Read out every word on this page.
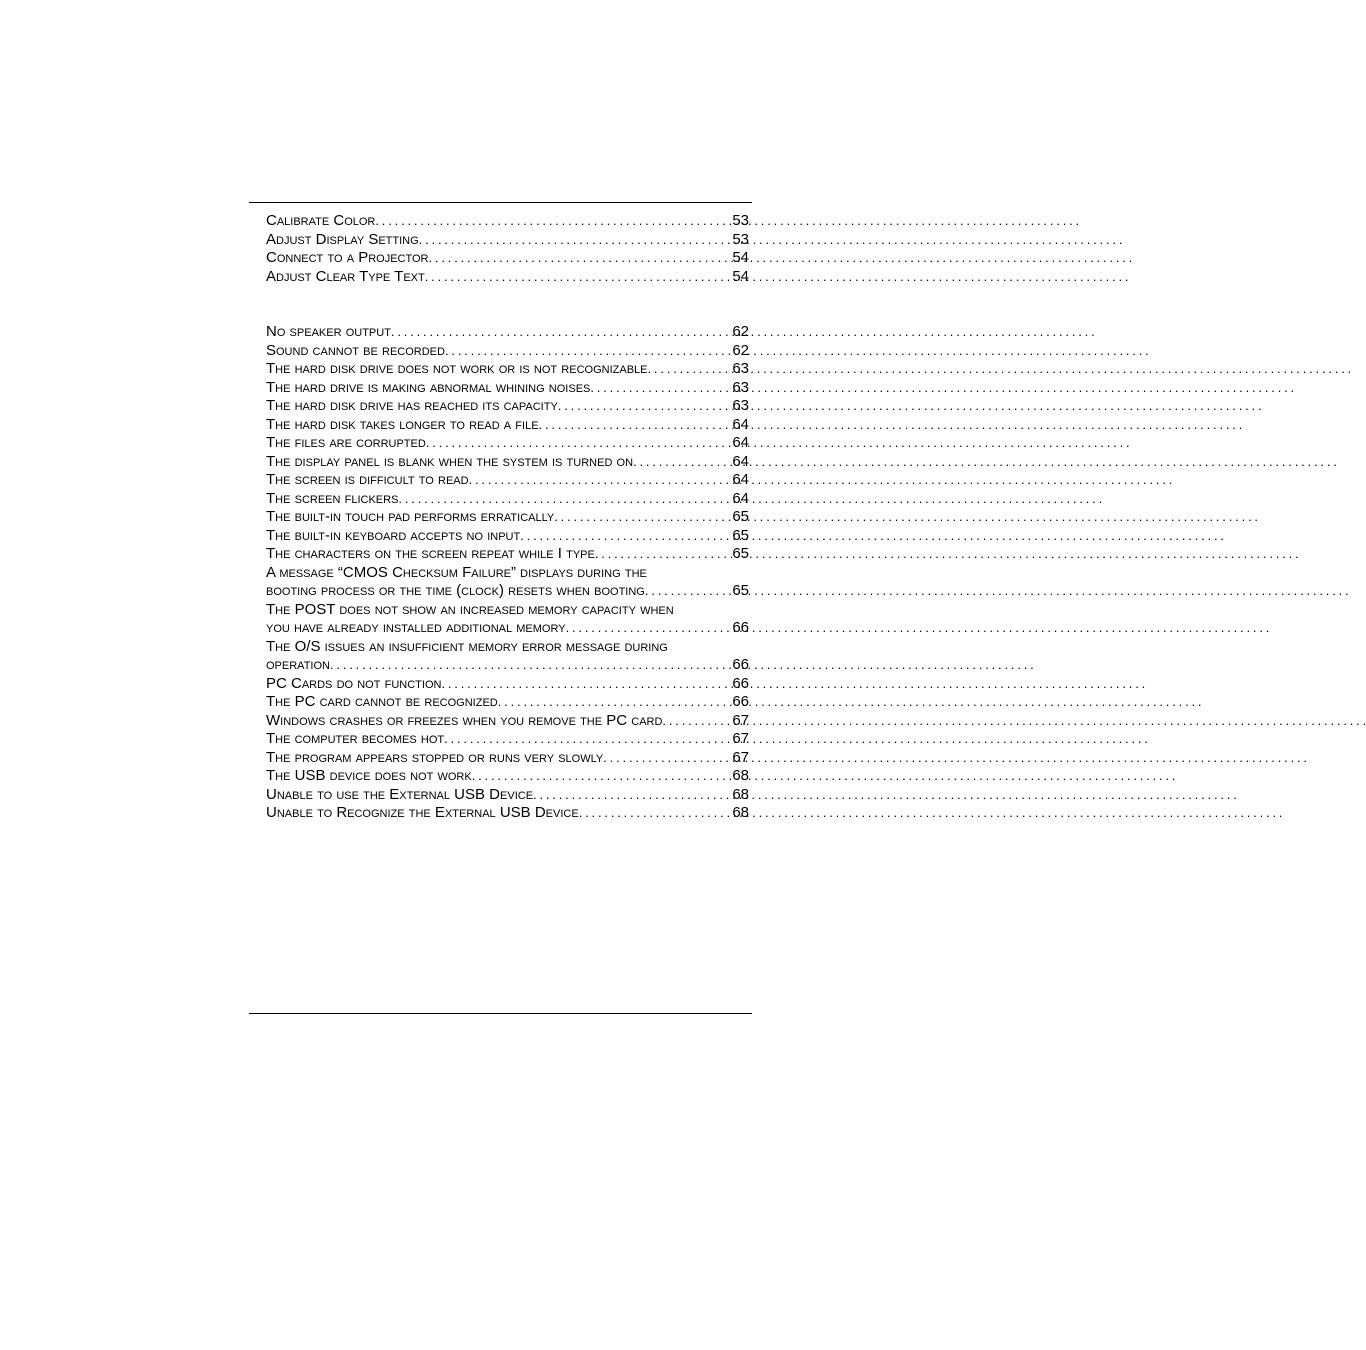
Calibrate Color . . .	53
Adjust Display Setting . . .	53
Connect to a Projector . . .	54
Adjust Clear Type Text . . .	54
No speaker output . . .	62
Sound cannot be recorded . . .	62
The hard disk drive does not work or is not recognizable . . .	63
The hard drive is making abnormal whining noises . . .	63
The hard disk drive has reached its capacity . . .	63
The hard disk takes longer to read a file . . .	64
The files are corrupted . . .	64
The display panel is blank when the system is turned on . . .	64
The screen is difficult to read . . .	64
The screen flickers . . .	64
The built-in touch pad performs erratically . . .	65
The built-in keyboard accepts no input . . .	65
The characters on the screen repeat while I type . . .	65
A message “CMOS Checksum Failure” displays during the
booting process or the time (clock) resets when booting . . .	65
The POST does not show an increased memory capacity when
you have already installed additional memory . . .	66
The O/S issues an insufficient memory error message during
operation . . .	66
PC Cards do not function . . .	66
The PC card cannot be recognized . . .	66
Windows crashes or freezes when you remove the PC card . . .	67
The computer becomes hot . . .	67
The program appears stopped or runs very slowly . . .	67
The USB device does not work . . .	68
Unable to use the External USB Device . . .	68
Unable to Recognize the External USB Device . . .	68
